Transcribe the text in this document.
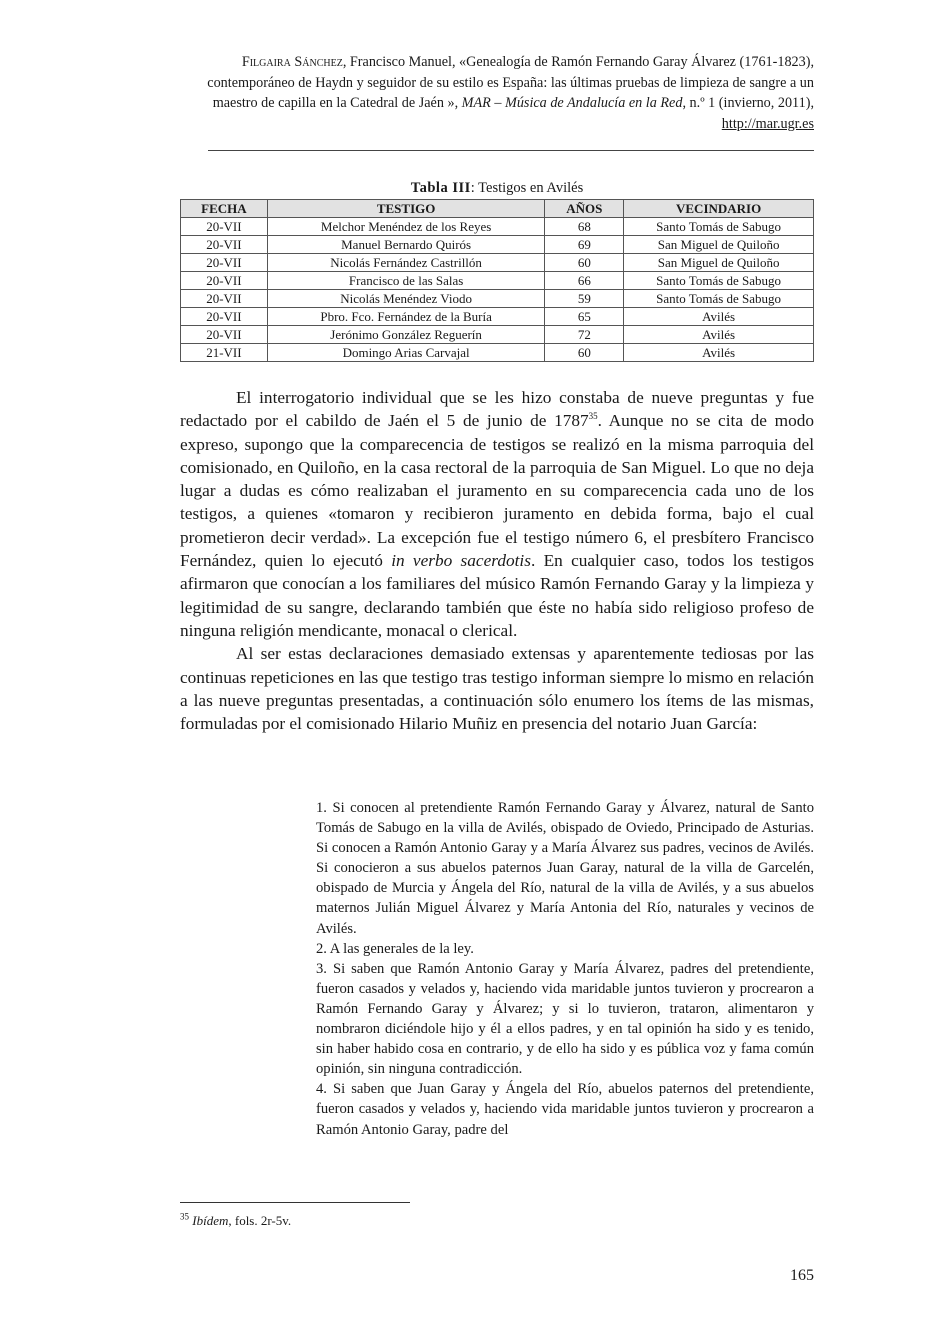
Filgaira Sánchez, Francisco Manuel, «Genealogía de Ramón Fernando Garay Álvarez (1761-1823), contemporáneo de Haydn y seguidor de su estilo es España: las últimas pruebas de limpieza de sangre a un maestro de capilla en la Catedral de Jaén », MAR – Música de Andalucía en la Red, n.º 1 (invierno, 2011), http://mar.ugr.es
Tabla III: Testigos en Avilés
FECHA	TESTIGO	AÑOS	VECINDARIO
20-VII	Melchor Menéndez de los Reyes	68	Santo Tomás de Sabugo
20-VII	Manuel Bernardo Quirós	69	San Miguel de Quiloño
20-VII	Nicolás Fernández Castrillón	60	San Miguel de Quiloño
20-VII	Francisco de las Salas	66	Santo Tomás de Sabugo
20-VII	Nicolás Menéndez Viodo	59	Santo Tomás de Sabugo
20-VII	Pbro. Fco. Fernández de la Buría	65	Avilés
20-VII	Jerónimo González Reguerín	72	Avilés
21-VII	Domingo Arias Carvajal	60	Avilés

El interrogatorio individual que se les hizo constaba de nueve preguntas y fue redactado por el cabildo de Jaén el 5 de junio de 1787$^{35}$. Aunque no se cita de modo expreso, supongo que la comparecencia de testigos se realizó en la misma parroquia del comisionado, en Quiloño, en la casa rectoral de la parroquia de San Miguel. Lo que no deja lugar a dudas es cómo realizaban el juramento en su comparecencia cada uno de los testigos, a quienes «tomaron y recibieron juramento en debida forma, bajo el cual prometieron decir verdad». La excepción fue el testigo número 6, el presbítero Francisco Fernández, quien lo ejecutó in verbo sacerdotis. En cualquier caso, todos los testigos afirmaron que conocían a los familiares del músico Ramón Fernando Garay y la limpieza y legitimidad de su sangre, declarando también que éste no había sido religioso profeso de ninguna religión mendicante, monacal o clerical.

Al ser estas declaraciones demasiado extensas y aparentemente tediosas por las continuas repeticiones en las que testigo tras testigo informan siempre lo mismo en relación a las nueve preguntas presentadas, a continuación sólo enumero los ítems de las mismas, formuladas por el comisionado Hilario Muñiz en presencia del notario Juan García:

1. Si conocen al pretendiente Ramón Fernando Garay y Álvarez, natural de Santo Tomás de Sabugo en la villa de Avilés, obispado de Oviedo, Principado de Asturias. Si conocen a Ramón Antonio Garay y a María Álvarez sus padres, vecinos de Avilés. Si conocieron a sus abuelos paternos Juan Garay, natural de la villa de Garcelén, obispado de Murcia y Ángela del Río, natural de la villa de Avilés, y a sus abuelos maternos Julián Miguel Álvarez y María Antonia del Río, naturales y vecinos de Avilés.

2. A las generales de la ley.

3. Si saben que Ramón Antonio Garay y María Álvarez, padres del pretendiente, fueron casados y velados y, haciendo vida maridable juntos tuvieron y procrearon a Ramón Fernando Garay y Álvarez; y si lo tuvieron, trataron, alimentaron y nombraron diciéndole hijo y él a ellos padres, y en tal opinión ha sido y es tenido, sin haber habido cosa en contrario, y de ello ha sido y es pública voz y fama común opinión, sin ninguna contradicción.

4. Si saben que Juan Garay y Ángela del Río, abuelos paternos del pretendiente, fueron casados y velados y, haciendo vida maridable juntos tuvieron y procrearon a Ramón Antonio Garay, padre del

$^{35}$ Ibídem, fols. 2r-5v.
165
